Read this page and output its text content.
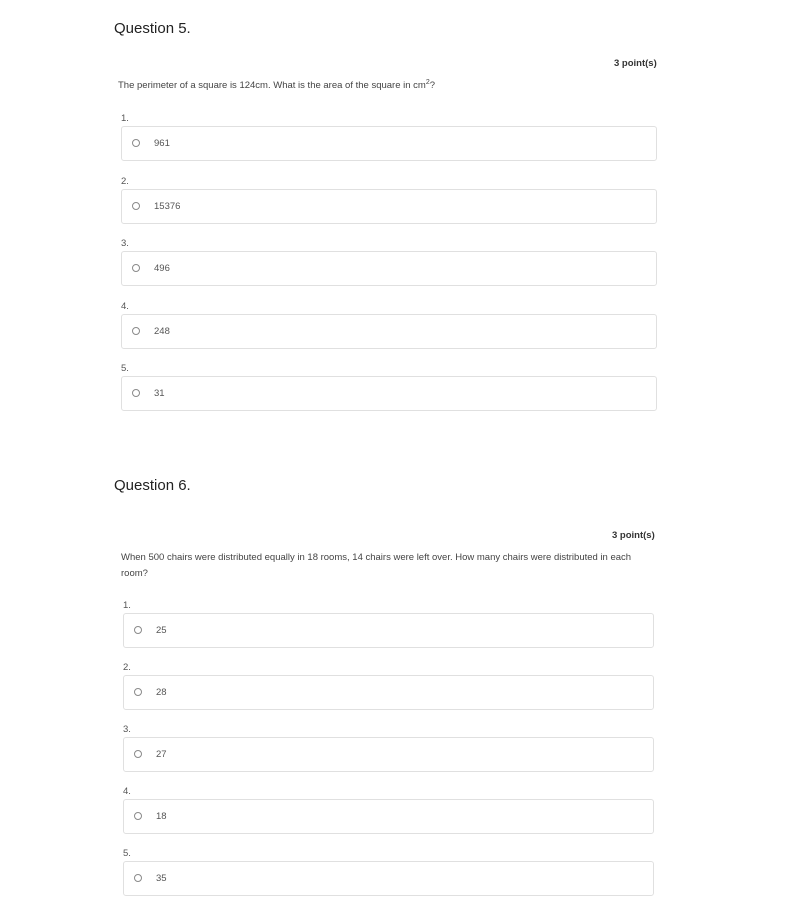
Question 5.
3 point(s)
The perimeter of a square is 124cm. What is the area of the square in $cm^2$?
1.
961
2.
15376
3.
496
4.
248
5.
31
Question 6.
3 point(s)
When 500 chairs were distributed equally in 18 rooms, 14 chairs were left over. How many chairs were distributed in each room?
1.
25
2.
28
3.
27
4.
18
5.
35
